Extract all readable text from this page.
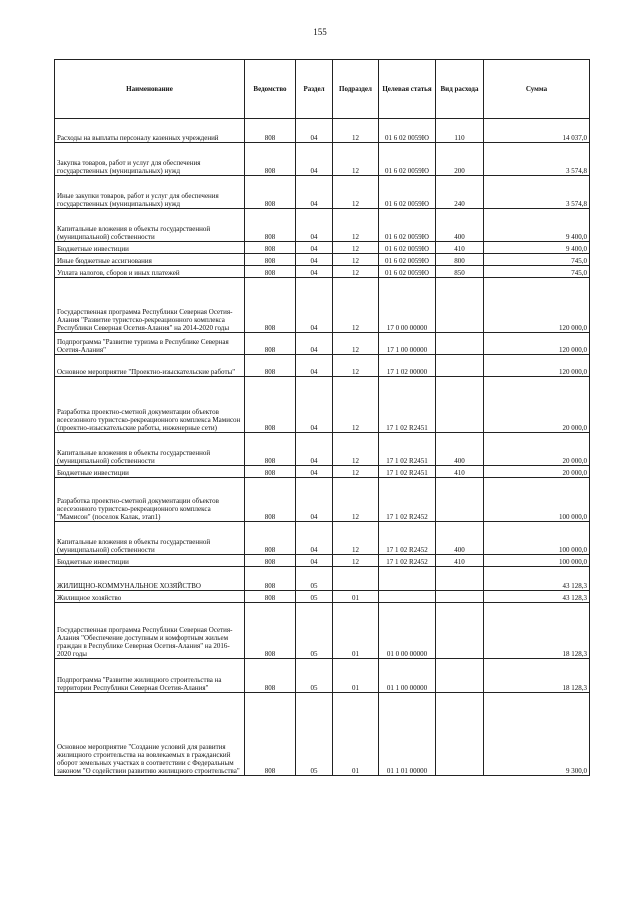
155
Наименование	Ведомство	Раздел	Подраздел	Целевая статья	Вид расхода	Сумма
Расходы на выплаты персоналу казенных учреждений	808	04	12	01 6 02 0059Ю	110	14 037,0
Закупка товаров, работ и услуг для обеспечения государственных (муниципальных) нужд	808	04	12	01 6 02 0059Ю	200	3 574,8
Иные закупки товаров, работ и услуг для обеспечения государственных (муниципальных) нужд	808	04	12	01 6 02 0059Ю	240	3 574,8
Капитальные вложения в объекты государственной (муниципальной) собственности	808	04	12	01 6 02 0059Ю	400	9 400,0
Бюджетные инвестиции	808	04	12	01 6 02 0059Ю	410	9 400,0
Иные бюджетные ассигнования	808	04	12	01 6 02 0059Ю	800	745,0
Уплата налогов, сборов и иных платежей	808	04	12	01 6 02 0059Ю	850	745,0
Государственная программа Республики Северная Осетия-Алания "Развитие туристско-рекреационного комплекса Республики Северная Осетия-Алания" на 2014-2020 годы	808	04	12	17 0 00 00000		120 000,0
Подпрограмма "Развитие туризма в Республике Северная Осетия-Алания"	808	04	12	17 1 00 00000		120 000,0
Основное мероприятие "Проектно-изыскательские работы"	808	04	12	17 1 02 00000		120 000,0
Разработка проектно-сметной документации объектов всесезонного туристско-рекреационного комплекса Мамисон (проектно-изыскательские работы, инженерные сети)	808	04	12	17 1 02 R2451		20 000,0
Капитальные вложения в объекты государственной (муниципальной) собственности	808	04	12	17 1 02 R2451	400	20 000,0
Бюджетные инвестиции	808	04	12	17 1 02 R2451	410	20 000,0
Разработка проектно-сметной документации объектов всесезонного туристско-рекреационного комплекса "Мамисон" (поселок Калак, этап1)	808	04	12	17 1 02 R2452		100 000,0
Капитальные вложения в объекты государственной (муниципальной) собственности	808	04	12	17 1 02 R2452	400	100 000,0
Бюджетные инвестиции	808	04	12	17 1 02 R2452	410	100 000,0
ЖИЛИЩНО-КОММУНАЛЬНОЕ ХОЗЯЙСТВО	808	05				43 128,3
Жилищное хозяйство	808	05	01			43 128,3
Государственная программа Республики Северная Осетия-Алания "Обеспечение доступным и комфортным жильем граждан в Республике Северная Осетия-Алания" на 2016-2020 годы	808	05	01	01 0 00 00000		18 128,3
Подпрограмма "Развитие жилищного строительства на территории Республики Северная Осетия-Алания"	808	05	01	01 1 00 00000		18 128,3
Основное мероприятие "Создание условий для развития жилищного строительства на вовлекаемых в гражданский оборот земельных участках в соответствии с Федеральным законом "О содействии развитию жилищного строительства"	808	05	01	01 1 01 00000		9 300,0
